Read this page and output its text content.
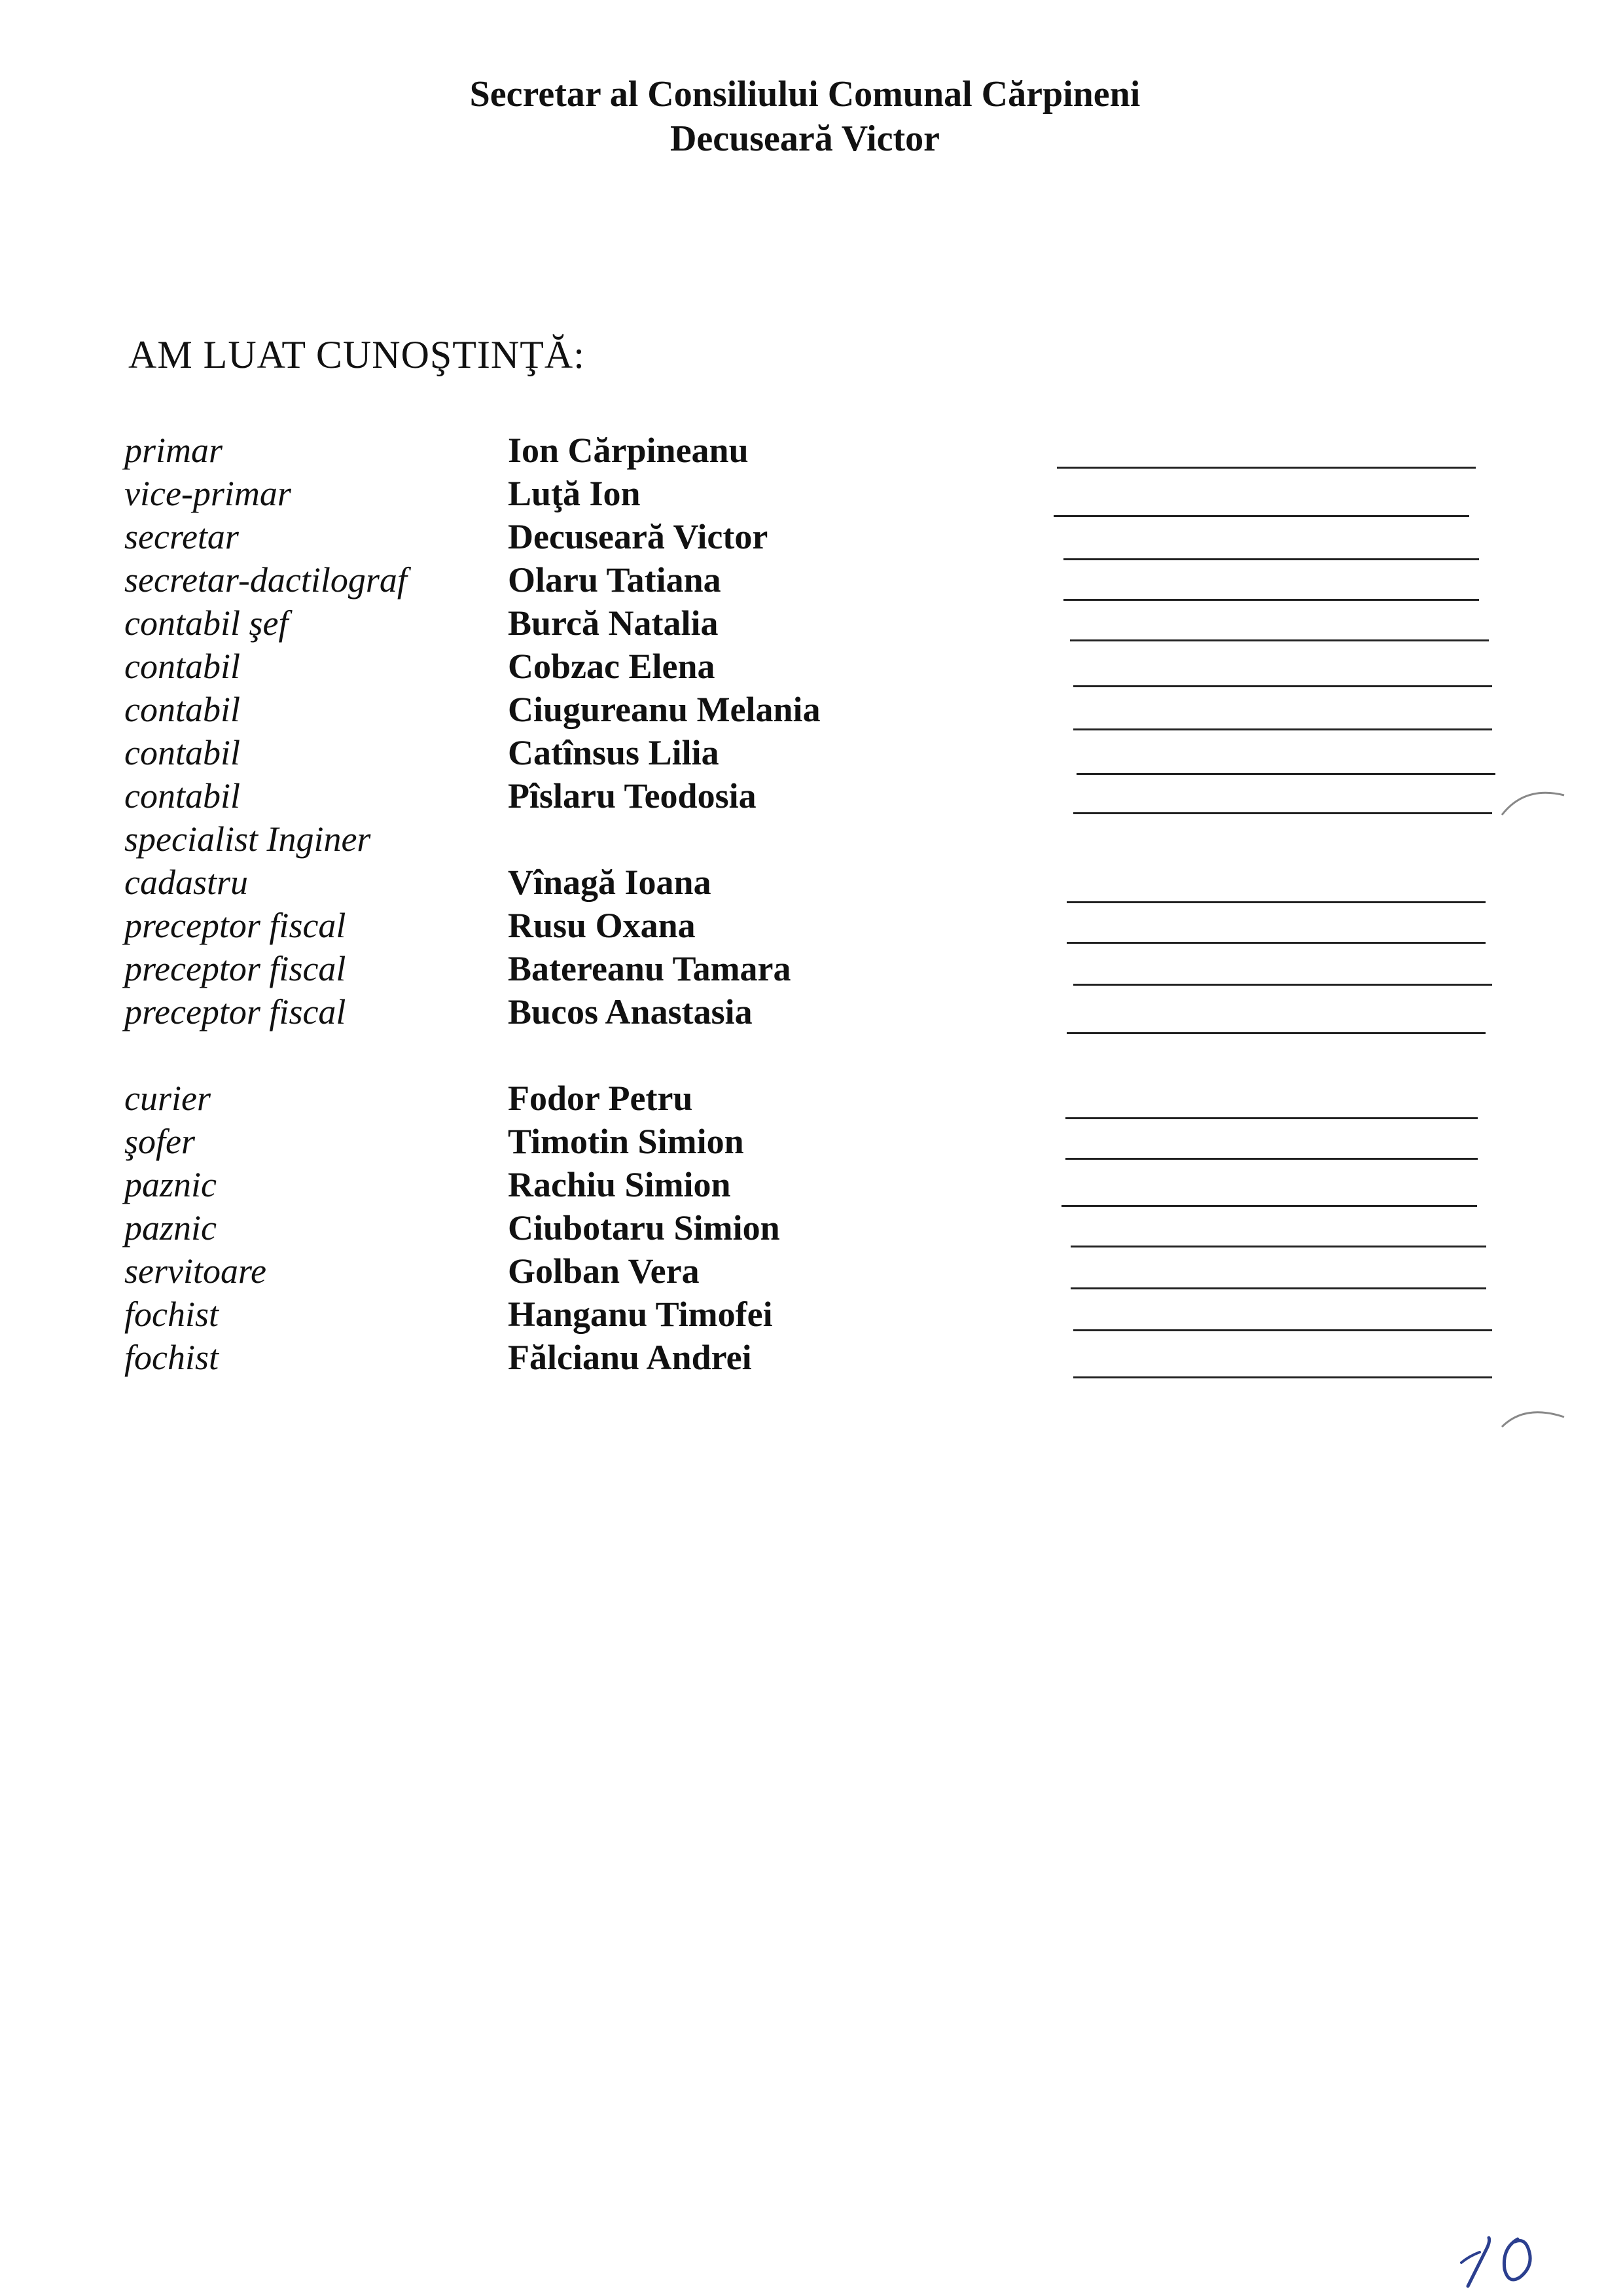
Secretar al Consiliului Comunal Cărpineni
Decuseară Victor
AM LUAT CUNOŞTINŢĂ:
primar	Ion Cărpineanu
vice-primar	Luţă Ion
secretar	Decuseară Victor
secretar-dactilograf	Olaru Tatiana
contabil şef	Burcă Natalia
contabil	Cobzac Elena
contabil	Ciugureanu Melania
contabil	Catînsus Lilia
contabil	Pîslaru Teodosia
specialist Inginer
cadastru	Vînagă Ioana
preceptor fiscal	Rusu Oxana
preceptor fiscal	Batereanu Tamara
preceptor fiscal	Bucos Anastasia
curier	Fodor Petru
şofer	Timotin Simion
paznic	Rachiu Simion
paznic	Ciubotaru Simion
servitoare	Golban Vera
fochist	Hanganu Timofei
fochist	Fălcianu Andrei
